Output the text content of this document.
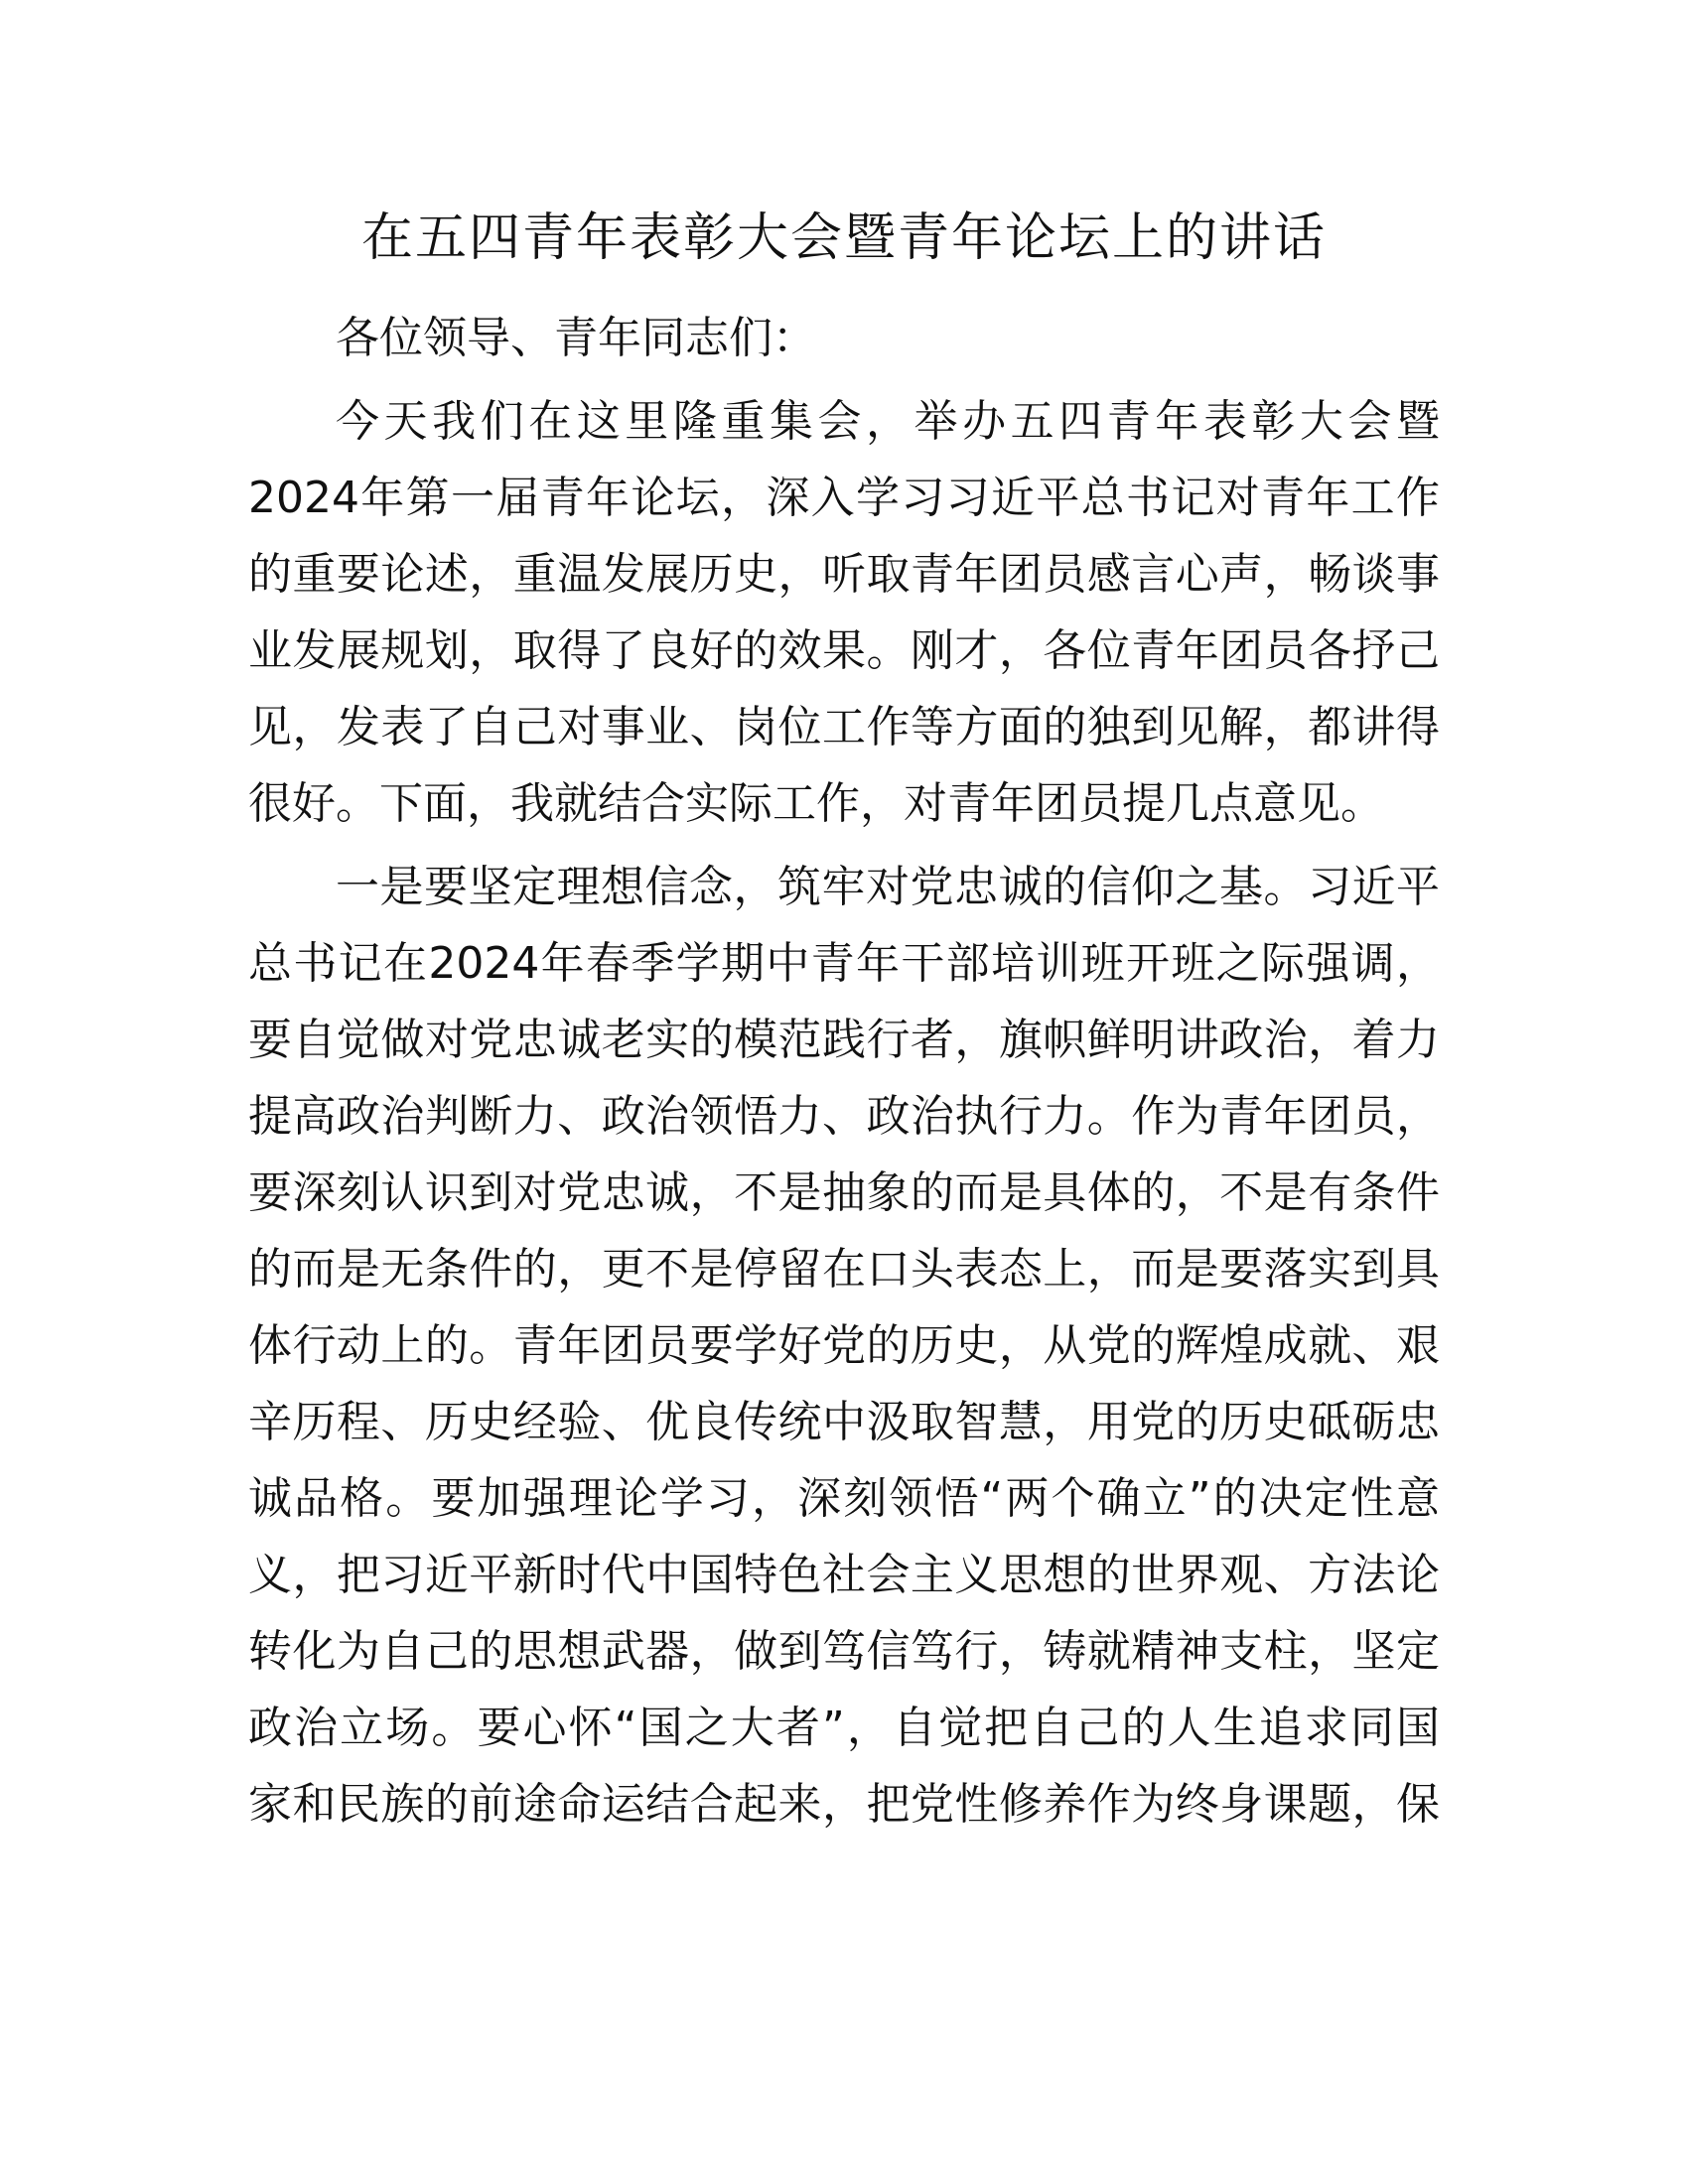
在五四青年表彰大会暨青年论坛上的讲话
各位领导、青年同志们：
今天我们在这里隆重集会，举办五四青年表彰大会暨
2024年第一届青年论坛，深入学习习近平总书记对青年工作
的重要论述，重温发展历史，听取青年团员感言心声，畅谈事
业发展规划，取得了良好的效果。刚才，各位青年团员各抒己
见，发表了自己对事业、岗位工作等方面的独到见解，都讲得
很好。下面，我就结合实际工作，对青年团员提几点意见。
一是要坚定理想信念，筑牢对党忠诚的信仰之基。习近平
总书记在2024年春季学期中青年干部培训班开班之际强调，
要自觉做对党忠诚老实的模范践行者，旗帜鲜明讲政治，着力
提高政治判断力、政治领悟力、政治执行力。作为青年团员，
要深刻认识到对党忠诚，不是抽象的而是具体的，不是有条件
的而是无条件的，更不是停留在口头表态上，而是要落实到具
体行动上的。青年团员要学好党的历史，从党的辉煌成就、艰
辛历程、历史经验、优良传统中汲取智慧，用党的历史砥砺忠
诚品格。要加强理论学习，深刻领悟“两个确立”的决定性意
义，把习近平新时代中国特色社会主义思想的世界观、方法论
转化为自己的思想武器，做到笃信笃行，铸就精神支柱，坚定
政治立场。要心怀“国之大者”，自觉把自己的人生追求同国
家和民族的前途命运结合起来，把党性修养作为终身课题，保
